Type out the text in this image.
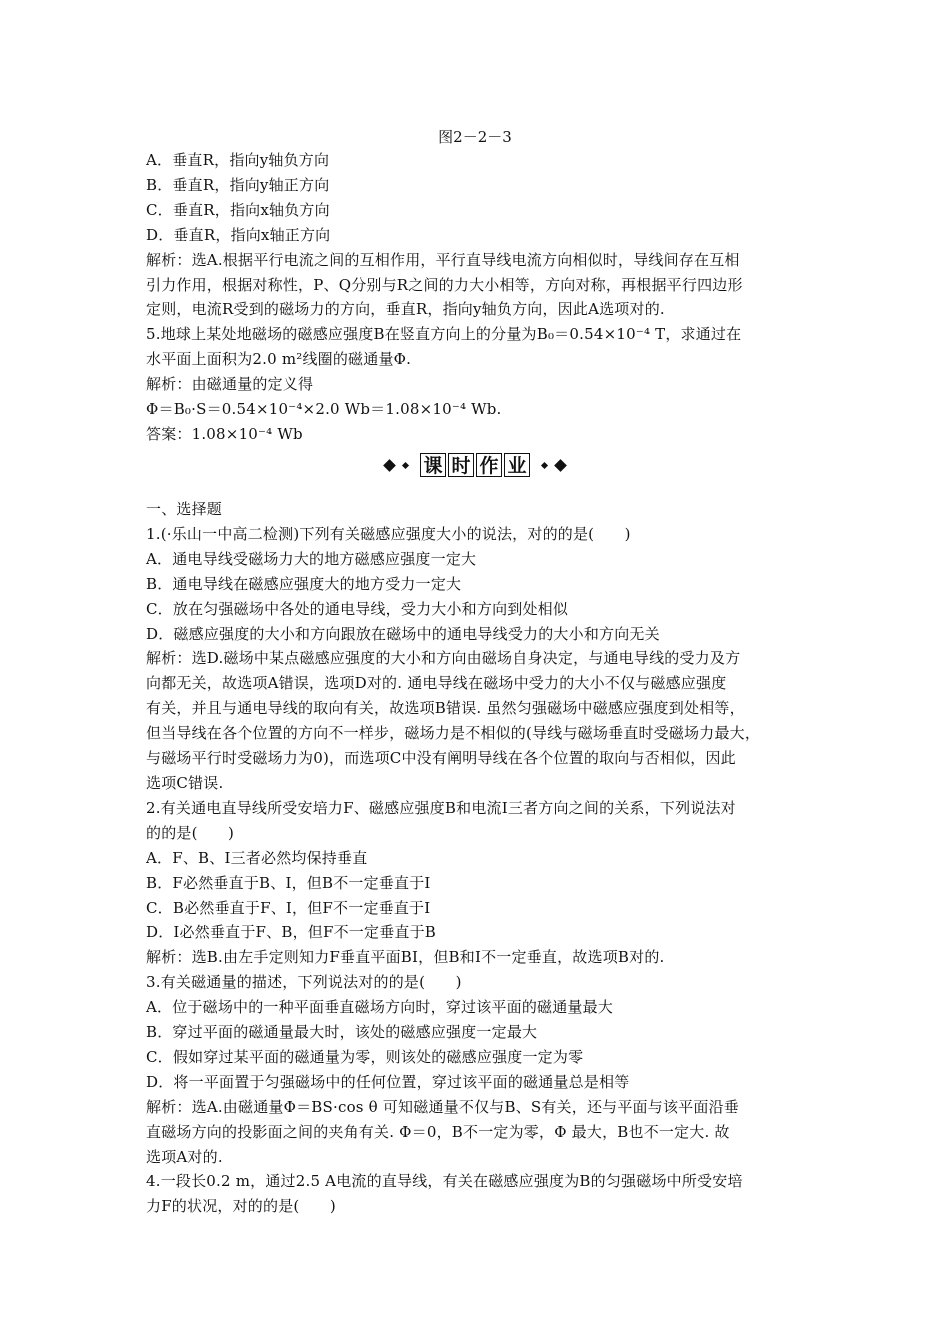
图2－2－3
A．垂直R，指向y轴负方向
B．垂直R，指向y轴正方向
C．垂直R，指向x轴负方向
D．垂直R，指向x轴正方向
解析：选A.根据平行电流之间的互相作用，平行直导线电流方向相似时，导线间存在互相
引力作用，根据对称性，P、Q分别与R之间的力大小相等，方向对称，再根据平行四边形
定则，电流R受到的磁场力的方向，垂直R，指向y轴负方向，因此A选项对的.
5.地球上某处地磁场的磁感应强度B在竖直方向上的分量为B₀＝0.54×10⁻⁴ T，求通过在
水平面上面积为2.0 m²线圈的磁通量Φ.
解析：由磁通量的定义得
Φ＝B₀·S＝0.54×10⁻⁴×2.0 Wb＝1.08×10⁻⁴ Wb.
答案：1.08×10⁻⁴ Wb
课 时 作 业
一、选择题
1.(·乐山一中高二检测)下列有关磁感应强度大小的说法，对的的是(　　)
A．通电导线受磁场力大的地方磁感应强度一定大
B．通电导线在磁感应强度大的地方受力一定大
C．放在匀强磁场中各处的通电导线，受力大小和方向到处相似
D．磁感应强度的大小和方向跟放在磁场中的通电导线受力的大小和方向无关
解析：选D.磁场中某点磁感应强度的大小和方向由磁场自身决定，与通电导线的受力及方
向都无关，故选项A错误，选项D对的. 通电导线在磁场中受力的大小不仅与磁感应强度
有关，并且与通电导线的取向有关，故选项B错误. 虽然匀强磁场中磁感应强度到处相等，
但当导线在各个位置的方向不一样步，磁场力是不相似的(导线与磁场垂直时受磁场力最大，
与磁场平行时受磁场力为0)，而选项C中没有阐明导线在各个位置的取向与否相似，因此
选项C错误.
2.有关通电直导线所受安培力F、磁感应强度B和电流I三者方向之间的关系，下列说法对
的的是(　　)
A．F、B、I三者必然均保持垂直
B．F必然垂直于B、I，但B不一定垂直于I
C．B必然垂直于F、I，但F不一定垂直于I
D．I必然垂直于F、B，但F不一定垂直于B
解析：选B.由左手定则知力F垂直平面BI，但B和I不一定垂直，故选项B对的.
3.有关磁通量的描述，下列说法对的的是(　　)
A．位于磁场中的一种平面垂直磁场方向时，穿过该平面的磁通量最大
B．穿过平面的磁通量最大时，该处的磁感应强度一定最大
C．假如穿过某平面的磁通量为零，则该处的磁感应强度一定为零
D．将一平面置于匀强磁场中的任何位置，穿过该平面的磁通量总是相等
解析：选A.由磁通量Φ＝BS·cos θ 可知磁通量不仅与B、S有关，还与平面与该平面沿垂
直磁场方向的投影面之间的夹角有关. Φ＝0，B不一定为零，Φ 最大，B也不一定大. 故
选项A对的.
4.一段长0.2 m，通过2.5 A电流的直导线，有关在磁感应强度为B的匀强磁场中所受安培
力F的状况，对的的是(　　)
